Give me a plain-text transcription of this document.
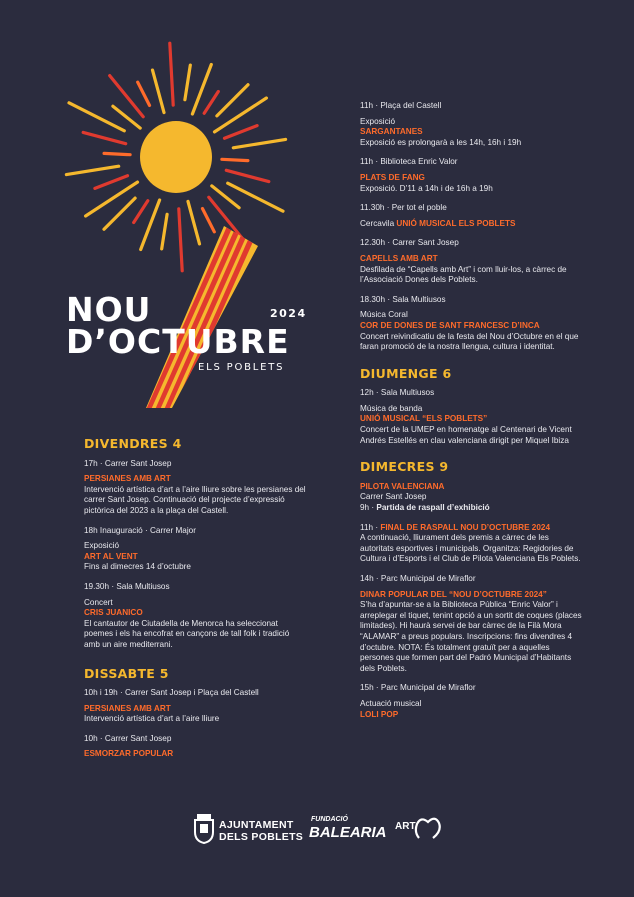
NOU
D’OCTUBRE
2024
ELS POBLETS
DIVENDRES 4
17h · Carrer Sant Josep
PERSIANES AMB ART
Intervenció artística d’art a l’aire lliure sobre les persianes del carrer Sant Josep. Continuació del projecte d’expressió pictòrica del 2023 a la plaça del Castell.
18h Inauguració · Carrer Major
Exposició
ART AL VENT
Fins al dimecres 14 d’octubre
19.30h · Sala Multiusos
Concert
CRIS JUANICO
El cantautor de Ciutadella de Menorca ha seleccionat poemes i els ha encofrat en cançons de tall folk i tradició amb un aire mediterrani.
DISSABTE 5
10h i 19h · Carrer Sant Josep i Plaça del Castell
PERSIANES AMB ART
Intervenció artística d’art a l’aire lliure
10h · Carrer Sant Josep
ESMORZAR POPULAR
11h · Plaça del Castell
Exposició
SARGANTANES
Exposició es prolongarà a les 14h, 16h i 19h
11h · Biblioteca Enric Valor
PLATS DE FANG
Exposició. D’11 a 14h i de 16h a 19h
11.30h · Per tot el poble
Cercavila UNIÓ MUSICAL ELS POBLETS
12.30h · Carrer Sant Josep
CAPELLS AMB ART
Desfilada de “Capells amb Art” i com lluir-los, a càrrec de l’Associació Dones dels Poblets.
18.30h · Sala Multiusos
Música Coral
COR DE DONES DE SANT FRANCESC D’INCA
Concert reivindicatiu de la festa del Nou d’Octubre en el que faran promoció de la nostra llengua, cultura i identitat.
DIUMENGE 6
12h · Sala Multiusos
Música de banda
UNIÓ MUSICAL “ELS POBLETS”
Concert de la UMEP en homenatge al Centenari de Vicent Andrés Estellés en clau valenciana dirigit per Miquel Ibiza
DIMECRES 9
PILOTA VALENCIANA
Carrer Sant Josep
9h · Partida de raspall d’exhibició
11h · FINAL DE RASPALL NOU D’OCTUBRE 2024
A continuació, lliurament dels premis a càrrec de les autoritats esportives i municipals. Organitza: Regidories de Cultura i d’Esports i el Club de Pilota Valenciana Els Poblets.
14h · Parc Municipal de Miraflor
DINAR POPULAR DEL “NOU D’OCTUBRE 2024”
S’ha d’apuntar-se a la Biblioteca Pública “Enric Valor” i arreplegar el tiquet, tenint opció a un sortit de coques (places limitades). Hi haurà servei de bar càrrec de la Filà Mora “ALAMAR” a preus populars. Inscripcions: fins divendres 4 d’octubre. NOTA: És totalment gratuït per a aquelles persones que formen part del Padró Municipal d’Habitants dels Poblets.
15h · Parc Municipal de Miraflor
Actuació musical
LOLI POP
AJUNTAMENT
DELS POBLETS
FUNDACIÓ
BALEARIA ART
